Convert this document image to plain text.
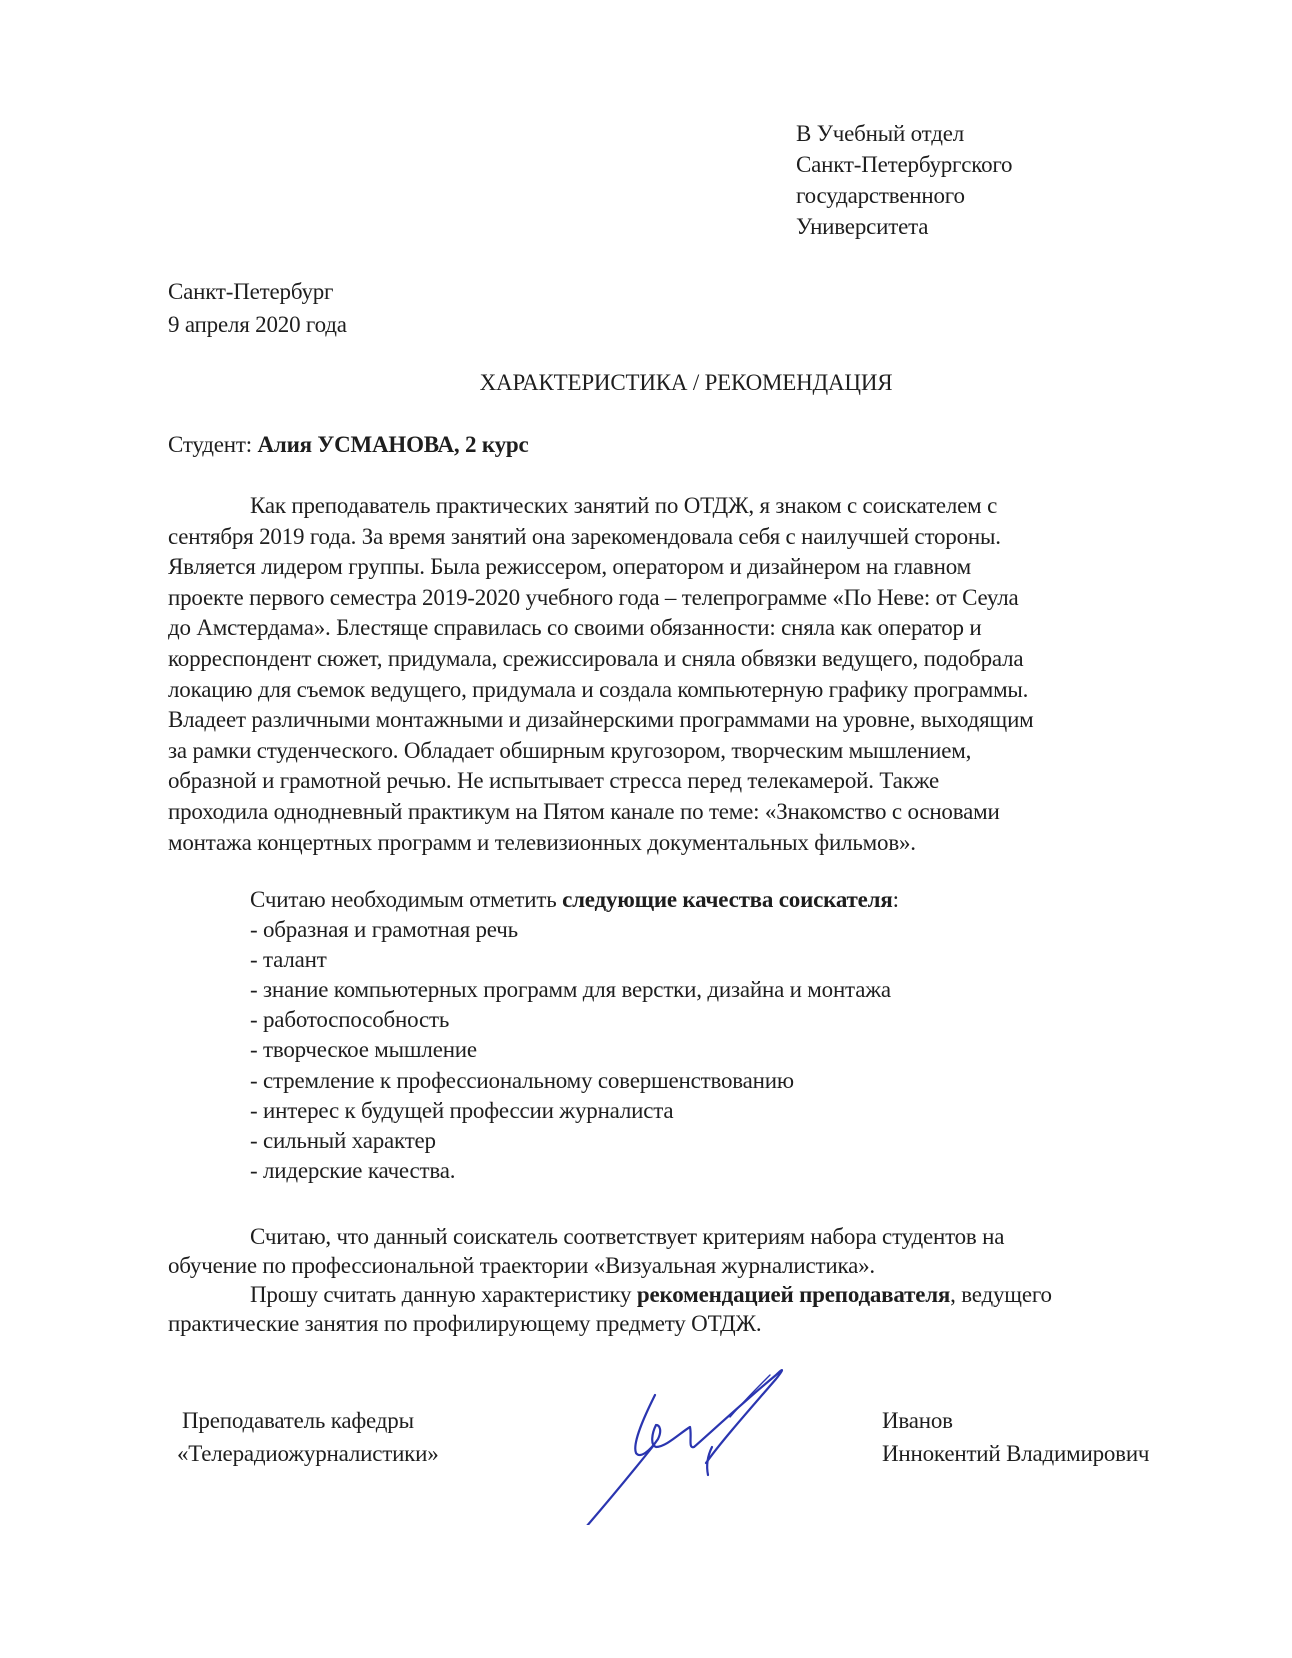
В Учебный отдел
Санкт-Петербургского
государственного
Университета
Санкт-Петербург
9 апреля 2020 года
ХАРАКТЕРИСТИКА / РЕКОМЕНДАЦИЯ
Студент: Алия УСМАНОВА, 2 курс
Как преподаватель практических занятий по ОТДЖ, я знаком с соискателем с
сентября 2019 года. За время занятий она зарекомендовала себя с наилучшей стороны.
Является лидером группы. Была режиссером, оператором и дизайнером на главном
проекте первого семестра 2019-2020 учебного года – телепрограмме «По Неве: от Сеула
до Амстердама». Блестяще справилась со своими обязанности: сняла как оператор и
корреспондент сюжет, придумала, срежиссировала и сняла обвязки ведущего, подобрала
локацию для съемок ведущего, придумала и создала компьютерную графику программы.
Владеет различными монтажными и дизайнерскими программами на уровне, выходящим
за рамки студенческого. Обладает обширным кругозором, творческим мышлением,
образной и грамотной речью. Не испытывает стресса перед телекамерой. Также
проходила однодневный практикум на Пятом канале по теме: «Знакомство с основами
монтажа концертных программ и телевизионных документальных фильмов».
Считаю необходимым отметить следующие качества соискателя:
- образная и грамотная речь
- талант
- знание компьютерных программ для верстки, дизайна и монтажа
- работоспособность
- творческое мышление
- стремление к профессиональному совершенствованию
- интерес к будущей профессии журналиста
- сильный характер
- лидерские качества.
Считаю, что данный соискатель соответствует критериям набора студентов на
обучение по профессиональной траектории «Визуальная журналистика».
Прошу считать данную характеристику рекомендацией преподавателя, ведущего
практические занятия по профилирующему предмету ОТДЖ.
Преподаватель кафедры
«Телерадиожурналистики»
Иванов
Иннокентий Владимирович
